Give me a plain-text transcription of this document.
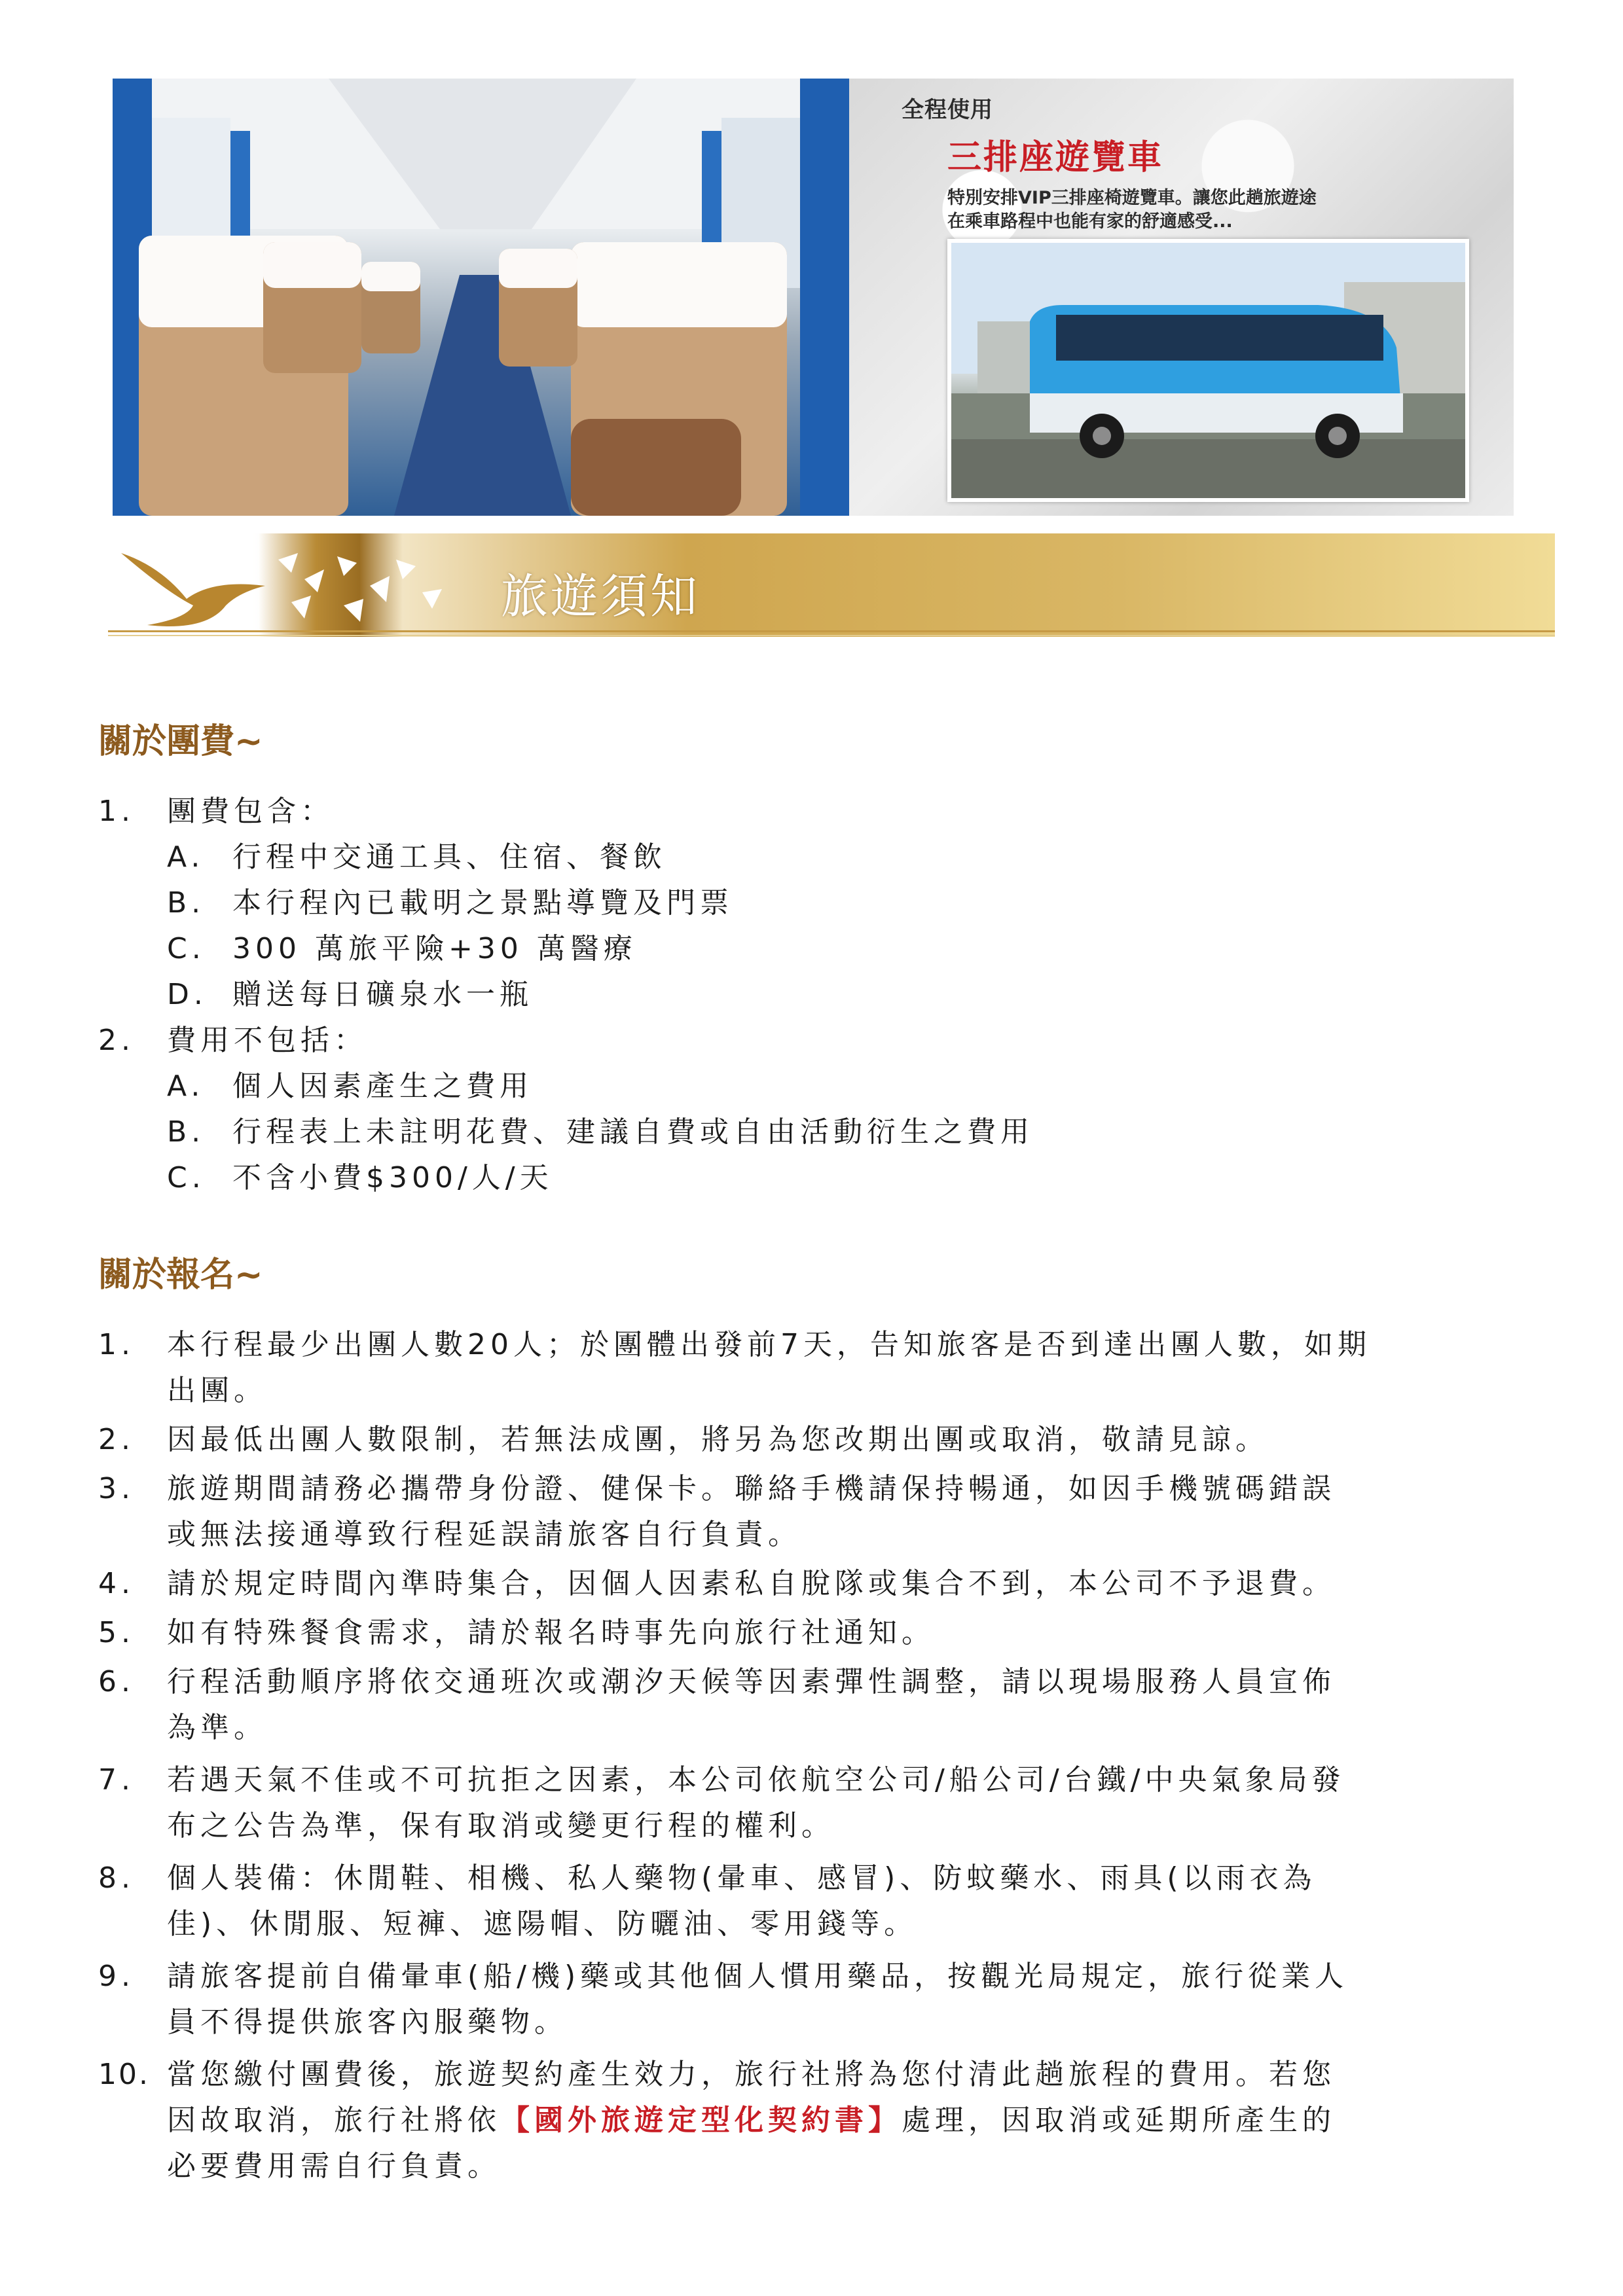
全程使用
三排座遊覽車
特別安排VIP三排座椅遊覽車。讓您此趟旅遊途
在乘車路程中也能有家的舒適感受...
旅遊須知
關於團費~
1. 團費包含：
A. 行程中交通工具、住宿、餐飲
B. 本行程內已載明之景點導覽及門票
C. 300 萬旅平險+30 萬醫療
D. 贈送每日礦泉水一瓶
2. 費用不包括：
A. 個人因素產生之費用
B. 行程表上未註明花費、建議自費或自由活動衍生之費用
C. 不含小費$300/人/天
關於報名~
1. 本行程最少出團人數20人；於團體出發前7天，告知旅客是否到達出團人數，如期
出團。
2. 因最低出團人數限制，若無法成團，將另為您改期出團或取消，敬請見諒。
3. 旅遊期間請務必攜帶身份證、健保卡。聯絡手機請保持暢通，如因手機號碼錯誤
或無法接通導致行程延誤請旅客自行負責。
4. 請於規定時間內準時集合，因個人因素私自脫隊或集合不到，本公司不予退費。
5. 如有特殊餐食需求，請於報名時事先向旅行社通知。
6. 行程活動順序將依交通班次或潮汐天候等因素彈性調整，請以現場服務人員宣佈
為準。
7. 若遇天氣不佳或不可抗拒之因素，本公司依航空公司/船公司/台鐵/中央氣象局發
布之公告為準，保有取消或變更行程的權利。
8. 個人裝備：休閒鞋、相機、私人藥物(暈車、感冒)、防蚊藥水、雨具(以雨衣為
佳)、休閒服、短褲、遮陽帽、防曬油、零用錢等。
9. 請旅客提前自備暈車(船/機)藥或其他個人慣用藥品，按觀光局規定，旅行從業人
員不得提供旅客內服藥物。
10. 當您繳付團費後，旅遊契約產生效力，旅行社將為您付清此趟旅程的費用。若您
因故取消，旅行社將依【國外旅遊定型化契約書】處理，因取消或延期所產生的
必要費用需自行負責。
